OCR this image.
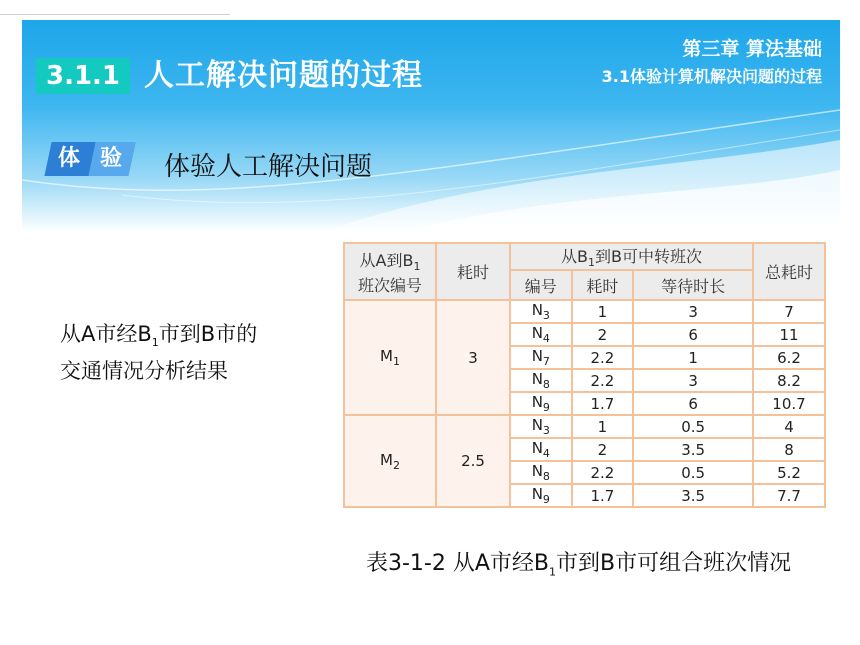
3.1.1 人工解决问题的过程
第三章 算法基础
3.1体验计算机解决问题的过程
体 验 体验人工解决问题
从A市经$B_1$市到B市的
交通情况分析结果
从A到$B_1$
班次编号	耗时	从$B_1$到B可中转班次			总耗时
		编号	耗时	等待时长	
$M_1$	3	$N_3$	1	3	7
		$N_4$	2	6	11
		$N_7$	2.2	1	6.2
		$N_8$	2.2	3	8.2
		$N_9$	1.7	6	10.7
$M_2$	2.5	$N_3$	1	0.5	4
		$N_4$	2	3.5	8
		$N_8$	2.2	0.5	5.2
		$N_9$	1.7	3.5	7.7
表3-1-2 从A市经$B_1$市到B市可组合班次情况
